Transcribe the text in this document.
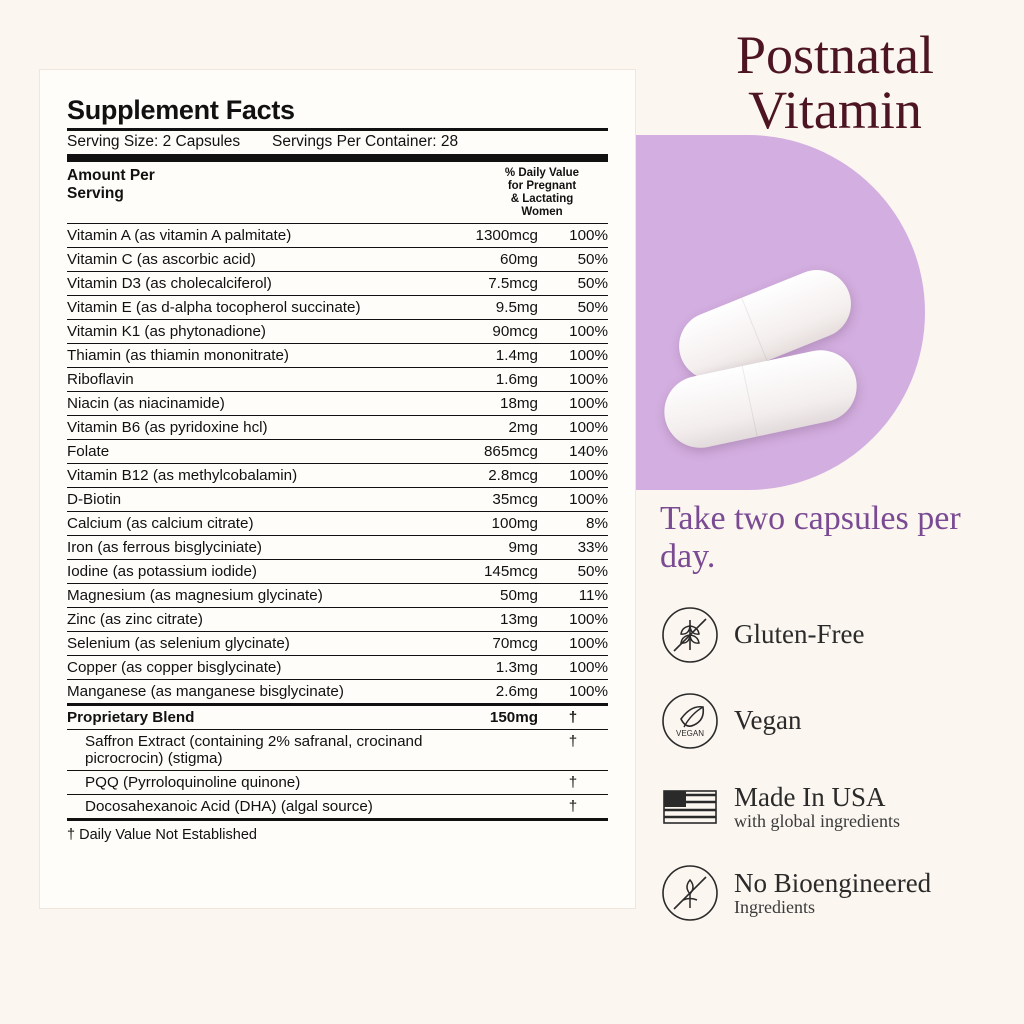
Supplement Facts
Serving Size: 2 Capsules	Servings Per Container: 28
Amount Per
Serving
% Daily Value
for Pregnant
& Lactating
Women
Vitamin A (as vitamin A palmitate)	1300mcg	100%
Vitamin C (as ascorbic acid)	60mg	50%
Vitamin D3 (as cholecalciferol)	7.5mcg	50%
Vitamin E (as d-alpha tocopherol succinate)	9.5mg	50%
Vitamin K1 (as phytonadione)	90mcg	100%
Thiamin (as thiamin mononitrate)	1.4mg	100%
Riboflavin	1.6mg	100%
Niacin (as niacinamide)	18mg	100%
Vitamin B6 (as pyridoxine hcl)	2mg	100%
Folate	865mcg	140%
Vitamin B12 (as methylcobalamin)	2.8mcg	100%
D-Biotin	35mcg	100%
Calcium (as calcium citrate)	100mg	8%
Iron (as ferrous bisglyciniate)	9mg	33%
Iodine (as potassium iodide)	145mcg	50%
Magnesium (as magnesium glycinate)	50mg	11%
Zinc (as zinc citrate)	13mg	100%
Selenium (as selenium glycinate)	70mcg	100%
Copper (as copper bisglycinate)	1.3mg	100%
Manganese (as manganese bisglycinate)	2.6mg	100%
Proprietary Blend	150mg	†
Saffron Extract (containing 2% safranal, crocinand picrocrocin) (stigma)		†
PQQ (Pyrroloquinoline quinone)		†
Docosahexanoic Acid (DHA) (algal source)		†
† Daily Value Not Established
Postnatal
Vitamin
Take two capsules per day.
Gluten-Free
VEGAN Vegan
Made In USA
with global ingredients
No Bioengineered
Ingredients
